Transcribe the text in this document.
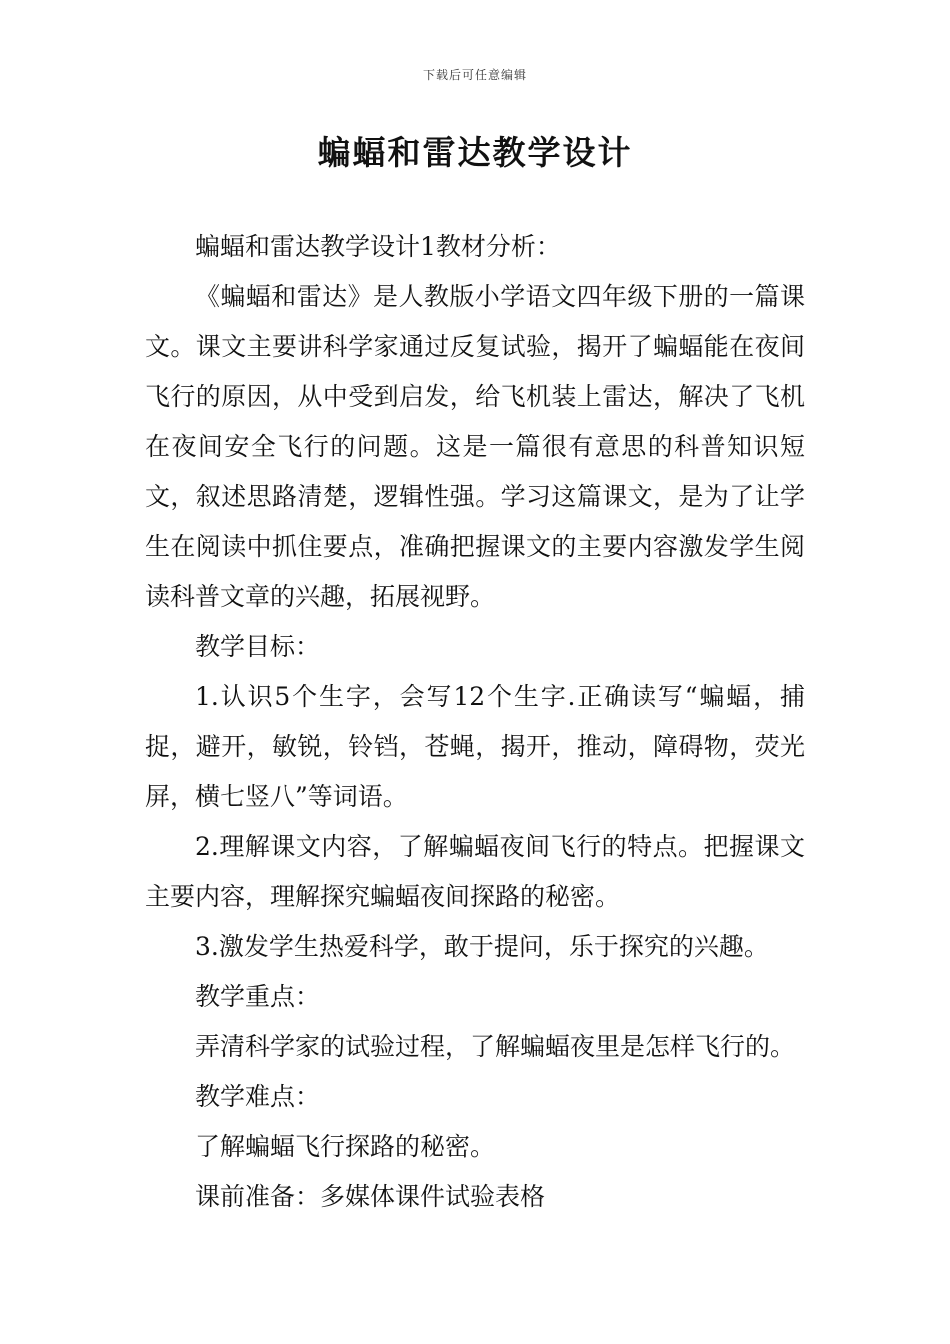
下载后可任意编辑
蝙蝠和雷达教学设计

蝙蝠和雷达教学设计1教材分析：

《蝙蝠和雷达》是人教版小学语文四年级下册的一篇课文。课文主要讲科学家通过反复试验，揭开了蝙蝠能在夜间飞行的原因，从中受到启发，给飞机装上雷达，解决了飞机在夜间安全飞行的问题。这是一篇很有意思的科普知识短文，叙述思路清楚，逻辑性强。学习这篇课文，是为了让学生在阅读中抓住要点，准确把握课文的主要内容激发学生阅读科普文章的兴趣，拓展视野。

教学目标：

1.认识5个生字，会写12个生字.正确读写“蝙蝠，捕捉，避开，敏锐，铃铛，苍蝇，揭开，推动，障碍物，荧光屏，横七竖八”等词语。

2.理解课文内容，了解蝙蝠夜间飞行的特点。把握课文主要内容，理解探究蝙蝠夜间探路的秘密。

3.激发学生热爱科学，敢于提问，乐于探究的兴趣。

教学重点：

弄清科学家的试验过程，了解蝙蝠夜里是怎样飞行的。

教学难点：

了解蝙蝠飞行探路的秘密。

课前准备：多媒体课件试验表格
